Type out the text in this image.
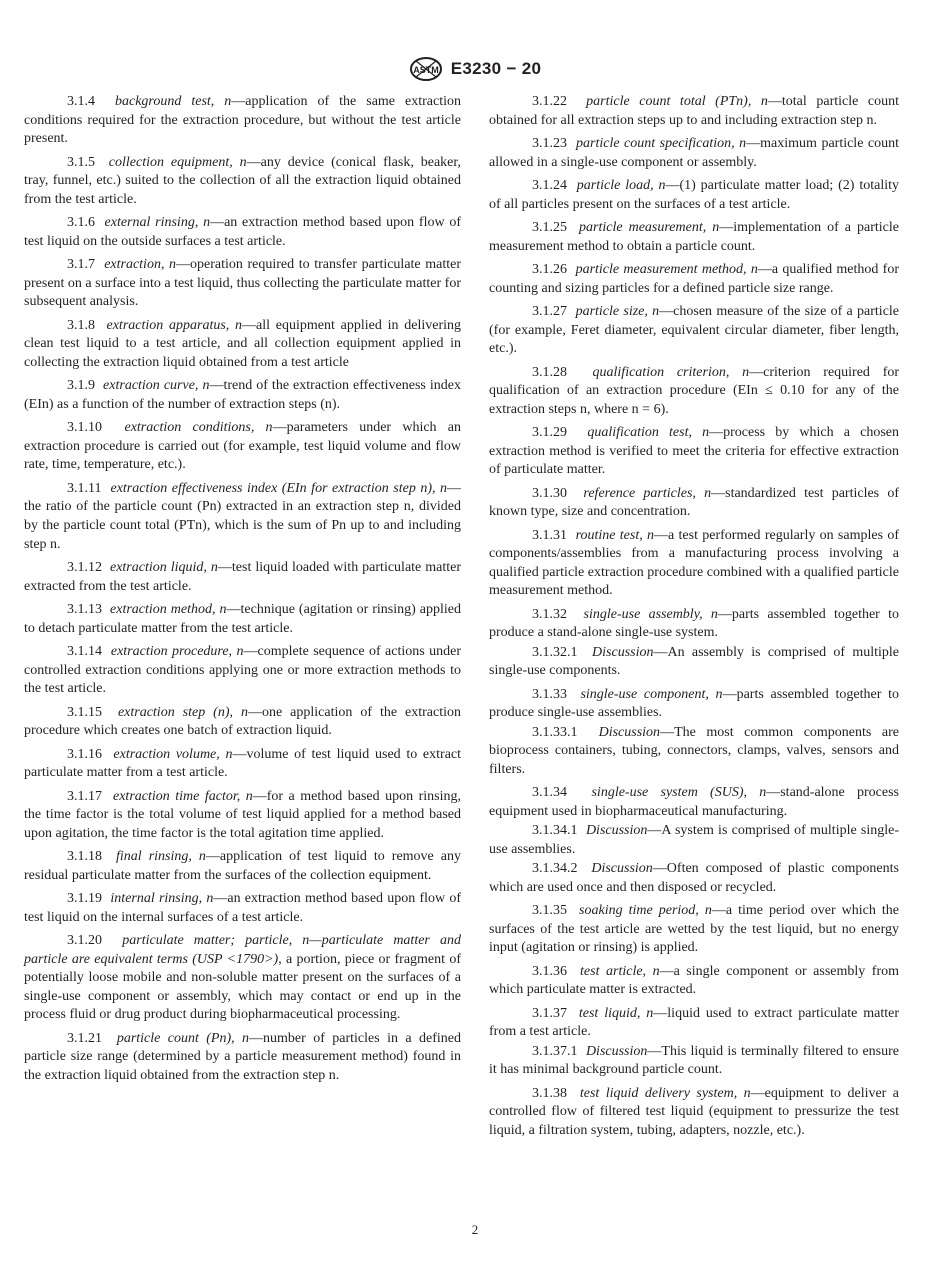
ASTM E3230 − 20

3.1.4 background test, n—application of the same extraction conditions required for the extraction procedure, but without the test article present.

3.1.5 collection equipment, n—any device (conical flask, beaker, tray, funnel, etc.) suited to the collection of all the extraction liquid obtained from the test article.

3.1.6 external rinsing, n—an extraction method based upon flow of test liquid on the outside surfaces a test article.

3.1.7 extraction, n—operation required to transfer particulate matter present on a surface into a test liquid, thus collecting the particulate matter for subsequent analysis.

3.1.8 extraction apparatus, n—all equipment applied in delivering clean test liquid to a test article, and all collection equipment applied in collecting the extraction liquid obtained from a test article

3.1.9 extraction curve, n—trend of the extraction effectiveness index (EIn) as a function of the number of extraction steps (n).

3.1.10 extraction conditions, n—parameters under which an extraction procedure is carried out (for example, test liquid volume and flow rate, time, temperature, etc.).

3.1.11 extraction effectiveness index (EIn for extraction step n), n—the ratio of the particle count (Pn) extracted in an extraction step n, divided by the particle count total (PTn), which is the sum of Pn up to and including step n.

3.1.12 extraction liquid, n—test liquid loaded with particulate matter extracted from the test article.

3.1.13 extraction method, n—technique (agitation or rinsing) applied to detach particulate matter from the test article.

3.1.14 extraction procedure, n—complete sequence of actions under controlled extraction conditions applying one or more extraction methods to the test article.

3.1.15 extraction step (n), n—one application of the extraction procedure which creates one batch of extraction liquid.

3.1.16 extraction volume, n—volume of test liquid used to extract particulate matter from a test article.

3.1.17 extraction time factor, n—for a method based upon rinsing, the time factor is the total volume of test liquid applied for a method based upon agitation, the time factor is the total agitation time applied.

3.1.18 final rinsing, n—application of test liquid to remove any residual particulate matter from the surfaces of the collection equipment.

3.1.19 internal rinsing, n—an extraction method based upon flow of test liquid on the internal surfaces of a test article.

3.1.20 particulate matter; particle, n—particulate matter and particle are equivalent terms (USP <1790>), a portion, piece or fragment of potentially loose mobile and non-soluble matter present on the surfaces of a single-use component or assembly, which may contact or end up in the process fluid or drug product during biopharmaceutical processing.

3.1.21 particle count (Pn), n—number of particles in a defined particle size range (determined by a particle measurement method) found in the extraction liquid obtained from the extraction step n.

3.1.22 particle count total (PTn), n—total particle count obtained for all extraction steps up to and including extraction step n.

3.1.23 particle count specification, n—maximum particle count allowed in a single-use component or assembly.

3.1.24 particle load, n—(1) particulate matter load; (2) totality of all particles present on the surfaces of a test article.

3.1.25 particle measurement, n—implementation of a particle measurement method to obtain a particle count.

3.1.26 particle measurement method, n—a qualified method for counting and sizing particles for a defined particle size range.

3.1.27 particle size, n—chosen measure of the size of a particle (for example, Feret diameter, equivalent circular diameter, fiber length, etc.).

3.1.28 qualification criterion, n—criterion required for qualification of an extraction procedure (EIn ≤ 0.10 for any of the extraction steps n, where n = 6).

3.1.29 qualification test, n—process by which a chosen extraction method is verified to meet the criteria for effective extraction of particulate matter.

3.1.30 reference particles, n—standardized test particles of known type, size and concentration.

3.1.31 routine test, n—a test performed regularly on samples of components/assemblies from a manufacturing process involving a qualified particle extraction procedure combined with a qualified particle measurement method.

3.1.32 single-use assembly, n—parts assembled together to produce a stand-alone single-use system.

3.1.32.1 Discussion—An assembly is comprised of multiple single-use components.

3.1.33 single-use component, n—parts assembled together to produce single-use assemblies.

3.1.33.1 Discussion—The most common components are bioprocess containers, tubing, connectors, clamps, valves, sensors and filters.

3.1.34 single-use system (SUS), n—stand-alone process equipment used in biopharmaceutical manufacturing.

3.1.34.1 Discussion—A system is comprised of multiple single-use assemblies.

3.1.34.2 Discussion—Often composed of plastic components which are used once and then disposed or recycled.

3.1.35 soaking time period, n—a time period over which the surfaces of the test article are wetted by the test liquid, but no energy input (agitation or rinsing) is applied.

3.1.36 test article, n—a single component or assembly from which particulate matter is extracted.

3.1.37 test liquid, n—liquid used to extract particulate matter from a test article.

3.1.37.1 Discussion—This liquid is terminally filtered to ensure it has minimal background particle count.

3.1.38 test liquid delivery system, n—equipment to deliver a controlled flow of filtered test liquid (equipment to pressurize the test liquid, a filtration system, tubing, adapters, nozzle, etc.).

2
